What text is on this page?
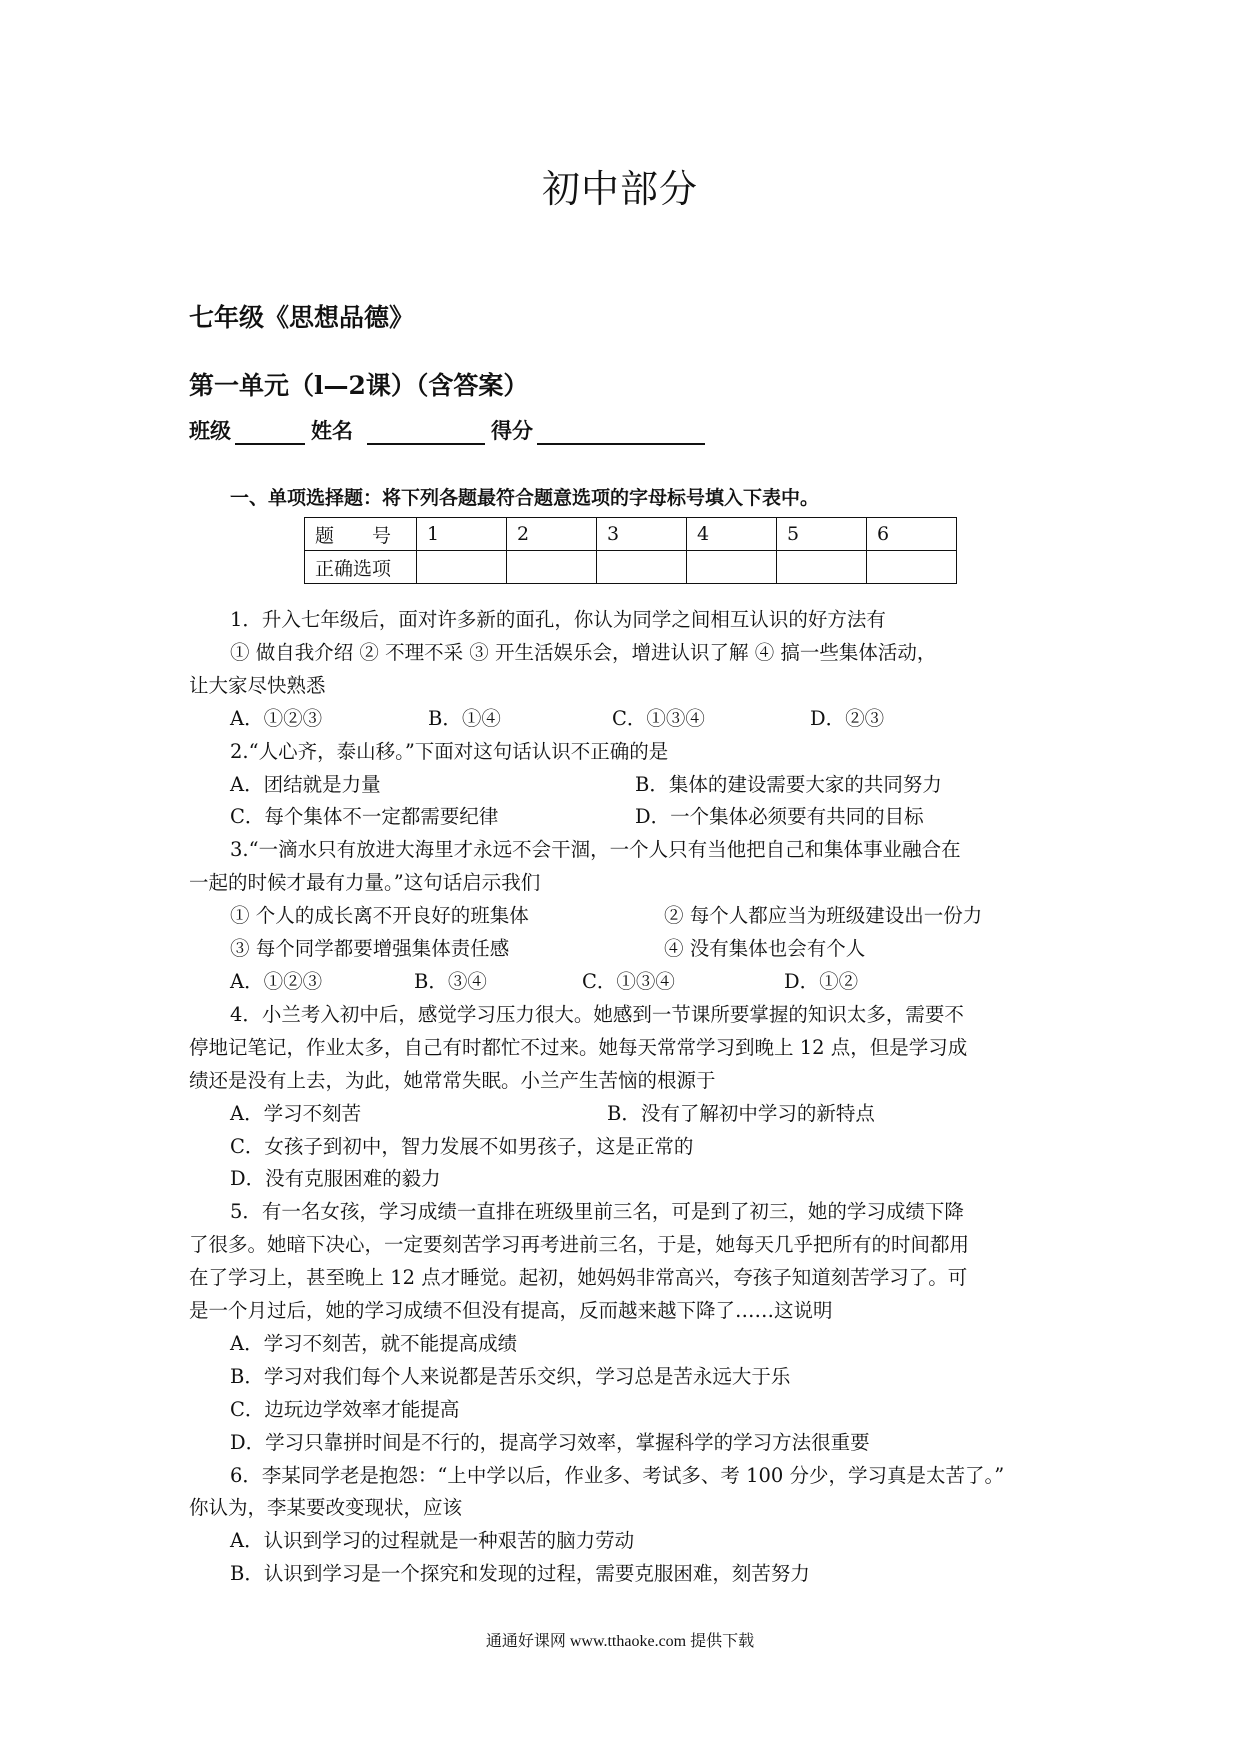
初中部分
七年级《思想品德》
第一单元（l—2课）（含答案）
班级	姓名	得分
一、单项选择题：将下列各题最符合题意选项的字母标号填入下表中。
题　　号	1	2	3	4	5	6
正确选项						

1．升入七年级后，面对许多新的面孔，你认为同学之间相互认识的好方法有

① 做自我介绍 ② 不理不采 ③ 开生活娱乐会，增进认识了解 ④ 搞一些集体活动，

让大家尽快熟悉

A．①②③	B．①④	C．①③④	D．②③

2.“人心齐，泰山移。”下面对这句话认识不正确的是

A．团结就是力量	B．集体的建设需要大家的共同努力
C．每个集体不一定都需要纪律	D．一个集体必须要有共同的目标

3.“一滴水只有放进大海里才永远不会干涸，一个人只有当他把自己和集体事业融合在

一起的时候才最有力量。”这句话启示我们

① 个人的成长离不开良好的班集体	② 每个人都应当为班级建设出一份力
③ 每个同学都要增强集体责任感	④ 没有集体也会有个人
A．①②③	B．③④	C．①③④	D．①②

4．小兰考入初中后，感觉学习压力很大。她感到一节课所要掌握的知识太多，需要不

停地记笔记，作业太多，自己有时都忙不过来。她每天常常学习到晚上 12 点，但是学习成

绩还是没有上去，为此，她常常失眠。小兰产生苦恼的根源于

A．学习不刻苦	B．没有了解初中学习的新特点

C．女孩子到初中，智力发展不如男孩子，这是正常的

D．没有克服困难的毅力

5．有一名女孩，学习成绩一直排在班级里前三名，可是到了初三，她的学习成绩下降

了很多。她暗下决心，一定要刻苦学习再考进前三名，于是，她每天几乎把所有的时间都用

在了学习上，甚至晚上 12 点才睡觉。起初，她妈妈非常高兴，夸孩子知道刻苦学习了。可

是一个月过后，她的学习成绩不但没有提高，反而越来越下降了……这说明

A．学习不刻苦，就不能提高成绩

B．学习对我们每个人来说都是苦乐交织，学习总是苦永远大于乐

C．边玩边学效率才能提高

D．学习只靠拼时间是不行的，提高学习效率，掌握科学的学习方法很重要

6．李某同学老是抱怨：“上中学以后，作业多、考试多、考 100 分少，学习真是太苦了。”

你认为，李某要改变现状，应该

A．认识到学习的过程就是一种艰苦的脑力劳动

B．认识到学习是一个探究和发现的过程，需要克服困难，刻苦努力

通通好课网 www.tthaoke.com 提供下载
